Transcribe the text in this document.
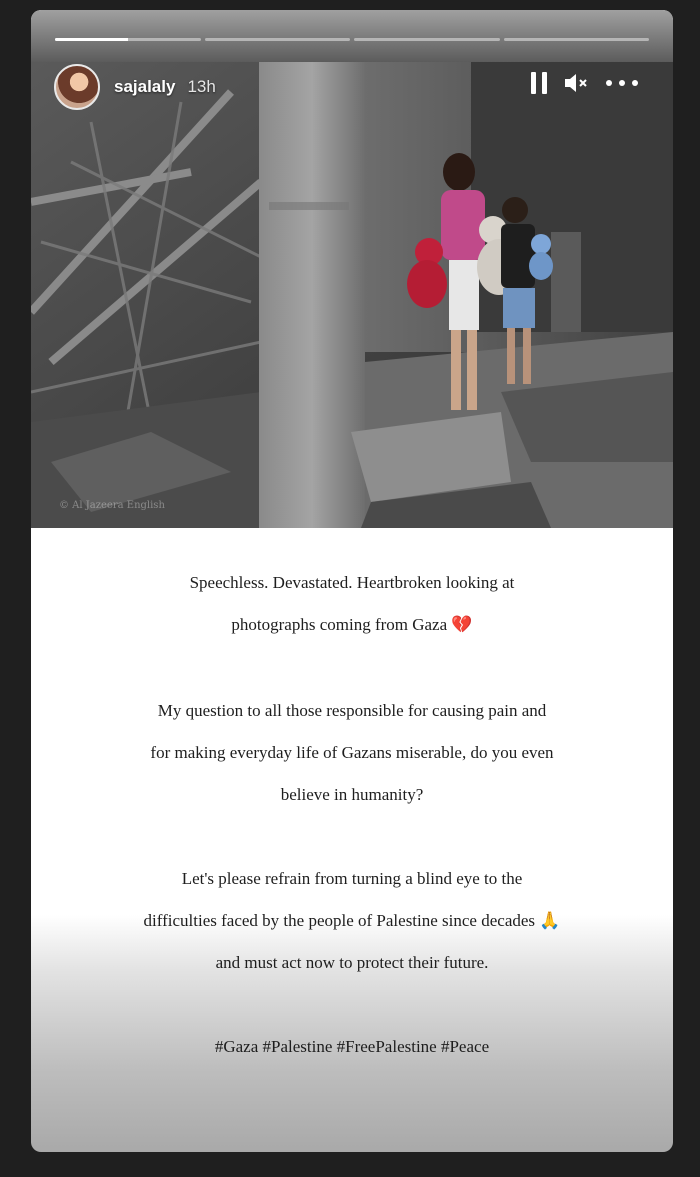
sajalaly 13h
© Al Jazeera English

Speechless. Devastated. Heartbroken looking at

photographs coming from Gaza 💔

My question to all those responsible for causing pain and

for making everyday life of Gazans miserable, do you even

believe in humanity?

Let's please refrain from turning a blind eye to the

difficulties faced by the people of Palestine since decades 🙏

and must act now to protect their future.

#Gaza #Palestine #FreePalestine #Peace
